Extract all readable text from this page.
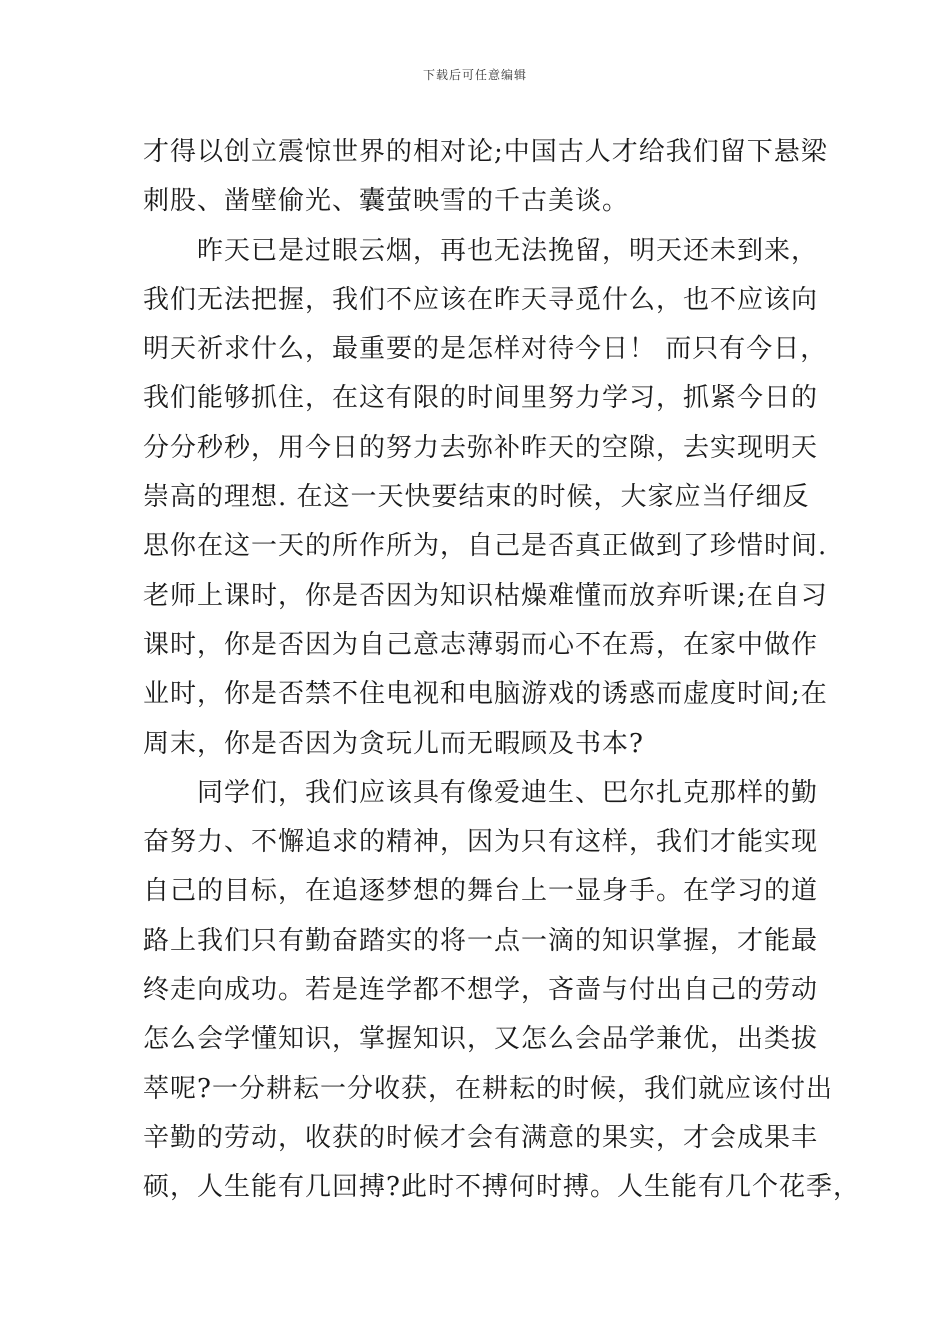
下载后可任意编辑
才得以创立震惊世界的相对论;中国古人才给我们留下悬梁
刺股、凿壁偷光、囊萤映雪的千古美谈。
昨天已是过眼云烟，再也无法挽留，明天还未到来，
我们无法把握，我们不应该在昨天寻觅什么，也不应该向
明天祈求什么，最重要的是怎样对待今日！ 而只有今日，
我们能够抓住，在这有限的时间里努力学习，抓紧今日的
分分秒秒，用今日的努力去弥补昨天的空隙，去实现明天
崇高的理想. 在这一天快要结束的时候，大家应当仔细反
思你在这一天的所作所为，自己是否真正做到了珍惜时间.
老师上课时，你是否因为知识枯燥难懂而放弃听课;在自习
课时，你是否因为自己意志薄弱而心不在焉，在家中做作
业时，你是否禁不住电视和电脑游戏的诱惑而虚度时间;在
周末，你是否因为贪玩儿而无暇顾及书本?
同学们，我们应该具有像爱迪生、巴尔扎克那样的勤
奋努力、不懈追求的精神，因为只有这样，我们才能实现
自己的目标，在追逐梦想的舞台上一显身手。在学习的道
路上我们只有勤奋踏实的将一点一滴的知识掌握，才能最
终走向成功。若是连学都不想学，吝啬与付出自己的劳动
怎么会学懂知识，掌握知识，又怎么会品学兼优，出类拔
萃呢?一分耕耘一分收获，在耕耘的时候，我们就应该付出
辛勤的劳动，收获的时候才会有满意的果实，才会成果丰
硕，人生能有几回搏?此时不搏何时搏。人生能有几个花季，
